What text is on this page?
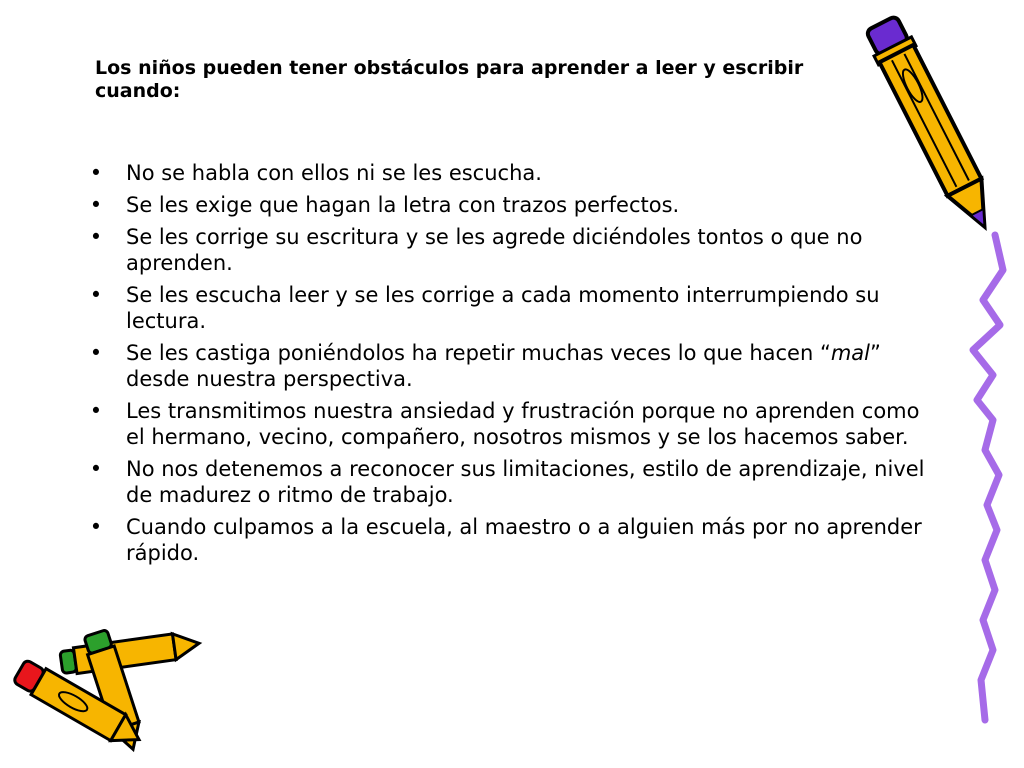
Los niños pueden tener obstáculos para aprender a leer y escribir cuando:
• No se habla con ellos ni se les escucha.
• Se les exige que hagan la letra con trazos perfectos.
• Se les corrige su escritura y se les agrede diciéndoles tontos o que no aprenden.
• Se les escucha leer y se les corrige a cada momento interrumpiendo su lectura.
• Se les castiga poniéndolos ha repetir muchas veces lo que hacen “mal” desde nuestra perspectiva.
• Les transmitimos nuestra ansiedad y frustración porque no aprenden como el hermano, vecino, compañero, nosotros mismos y se los hacemos saber.
• No nos detenemos a reconocer sus limitaciones, estilo de aprendizaje, nivel de madurez o ritmo de trabajo.
• Cuando culpamos a la escuela, al maestro o a alguien más por no aprender rápido.
